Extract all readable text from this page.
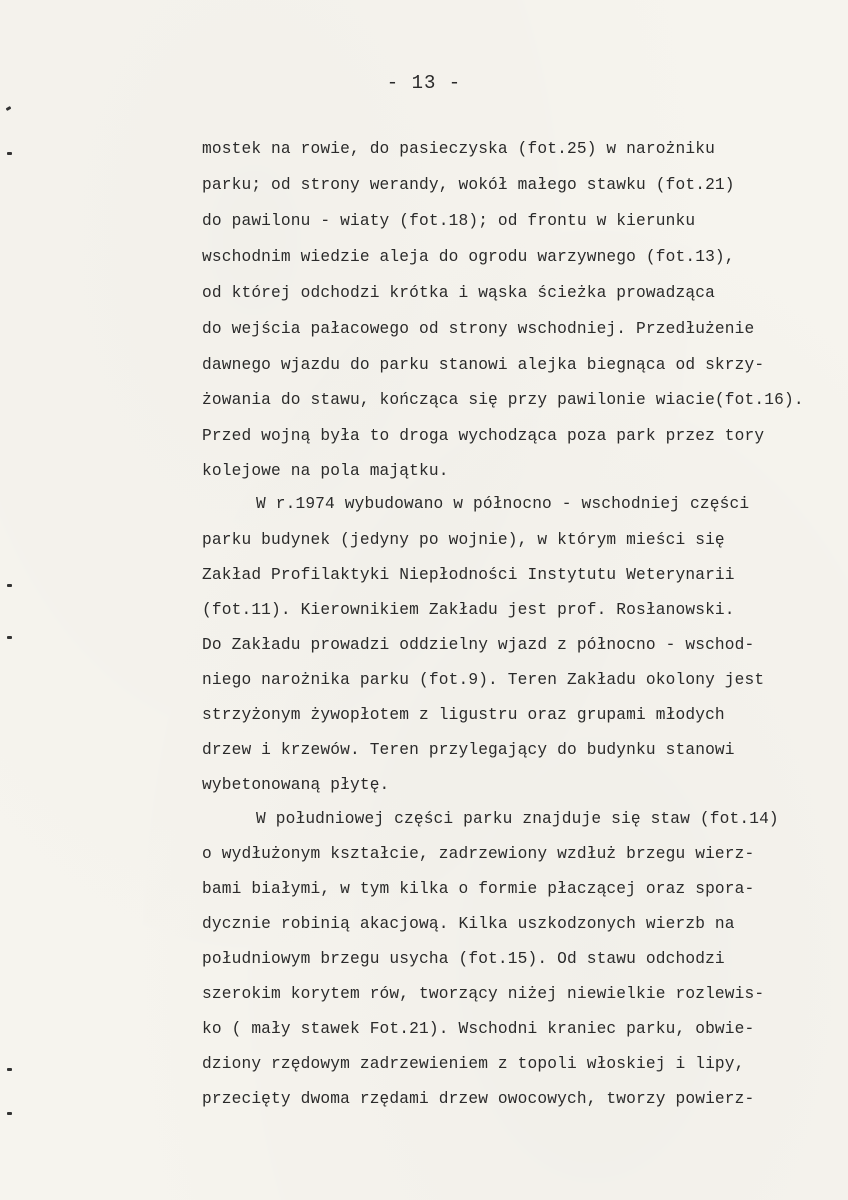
- 13 -
mostek na rowie, do pasieczyska (fot.25) w narożniku
parku; od strony werandy, wokół małego stawku (fot.21)
do pawilonu - wiaty (fot.18); od frontu w kierunku
wschodnim wiedzie aleja do ogrodu warzywnego (fot.13),
od której odchodzi krótka i wąska ścieżka prowadząca
do wejścia pałacowego od strony wschodniej. Przedłużenie
dawnego wjazdu do parku stanowi alejka biegnąca od skrzy-
żowania do stawu, kończąca się przy pawilonie wiacie(fot.16).
Przed wojną była to droga wychodząca poza park przez tory
kolejowe na pola majątku.
W r.1974 wybudowano w północno - wschodniej części
parku budynek (jedyny po wojnie), w którym mieści się
Zakład Profilaktyki Niepłodności Instytutu Weterynarii
(fot.11). Kierownikiem Zakładu jest prof. Rosłanowski.
Do Zakładu prowadzi oddzielny wjazd z północno - wschod-
niego narożnika parku (fot.9). Teren Zakładu okolony jest
strzyżonym żywopłotem z ligustru oraz grupami młodych
drzew i krzewów. Teren przylegający do budynku stanowi
wybetonowaną płytę.
W południowej części parku znajduje się staw (fot.14)
o wydłużonym kształcie, zadrzewiony wzdłuż brzegu wierz-
bami białymi, w tym kilka o formie płaczącej oraz spora-
dycznie robinią akacjową. Kilka uszkodzonych wierzb na
południowym brzegu usycha (fot.15). Od stawu odchodzi
szerokim korytem rów, tworzący niżej niewielkie rozlewis-
ko ( mały stawek Fot.21). Wschodni kraniec parku, obwie-
dziony rzędowym zadrzewieniem z topoli włoskiej i lipy,
przecięty dwoma rzędami drzew owocowych, tworzy powierz-
